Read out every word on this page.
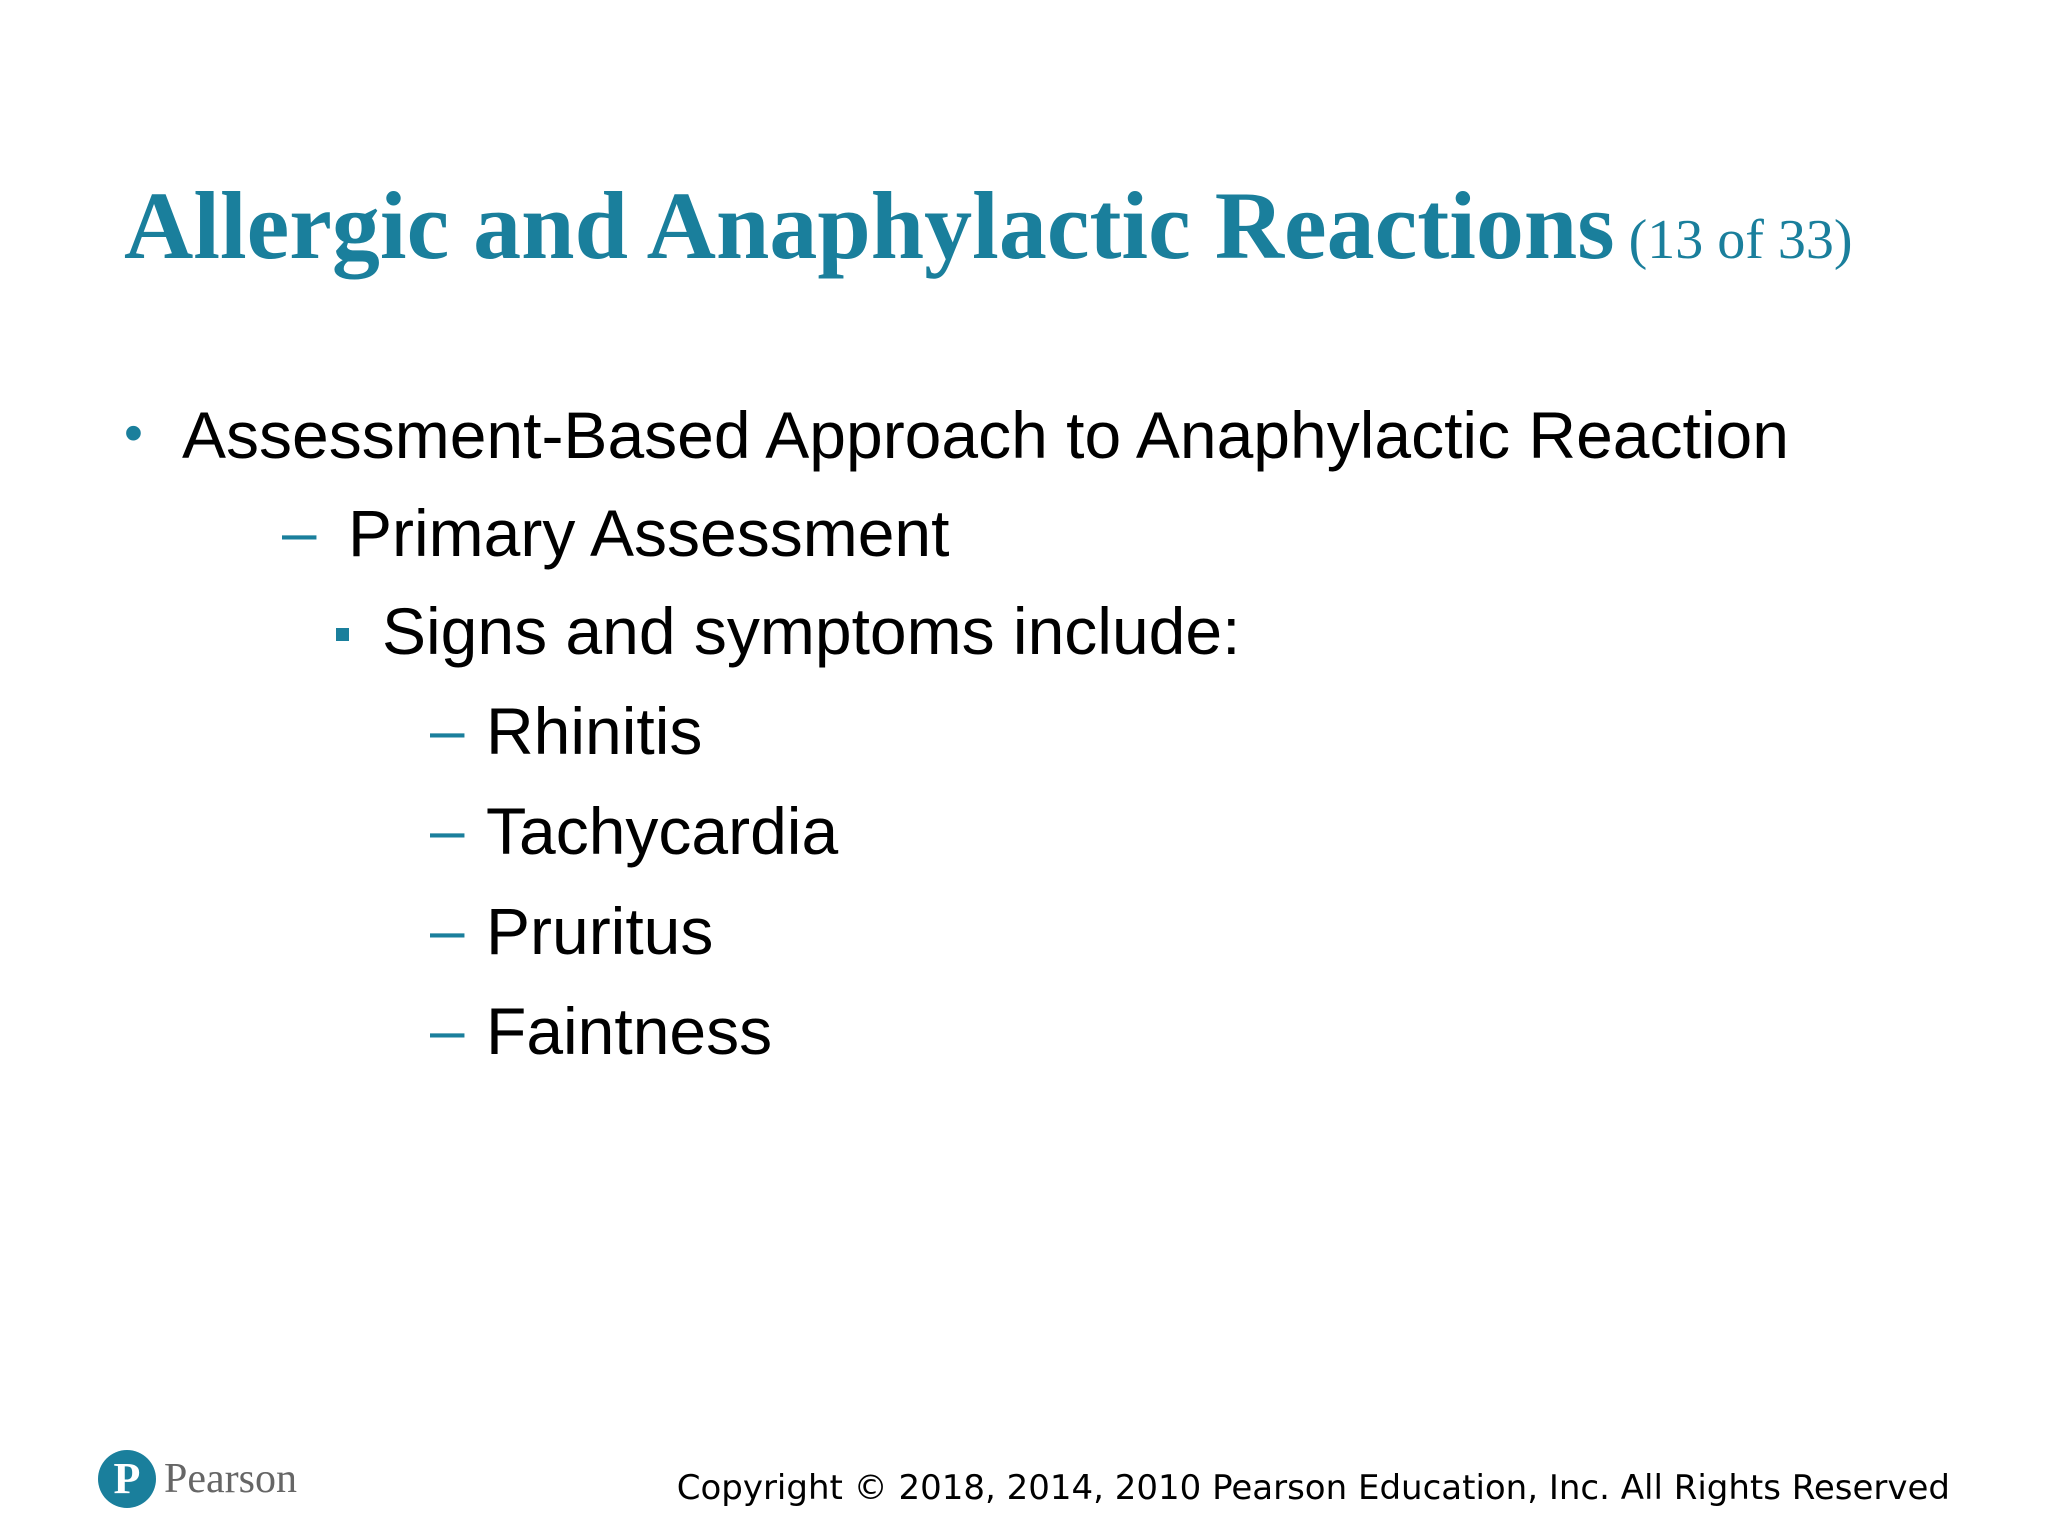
Allergic and Anaphylactic Reactions (13 of 33)
• Assessment-Based Approach to Anaphylactic Reaction
– Primary Assessment
Signs and symptoms include:
– Rhinitis
– Tachycardia
– Pruritus
– Faintness
P Pearson	Copyright © 2018, 2014, 2010 Pearson Education, Inc. All Rights Reserved
